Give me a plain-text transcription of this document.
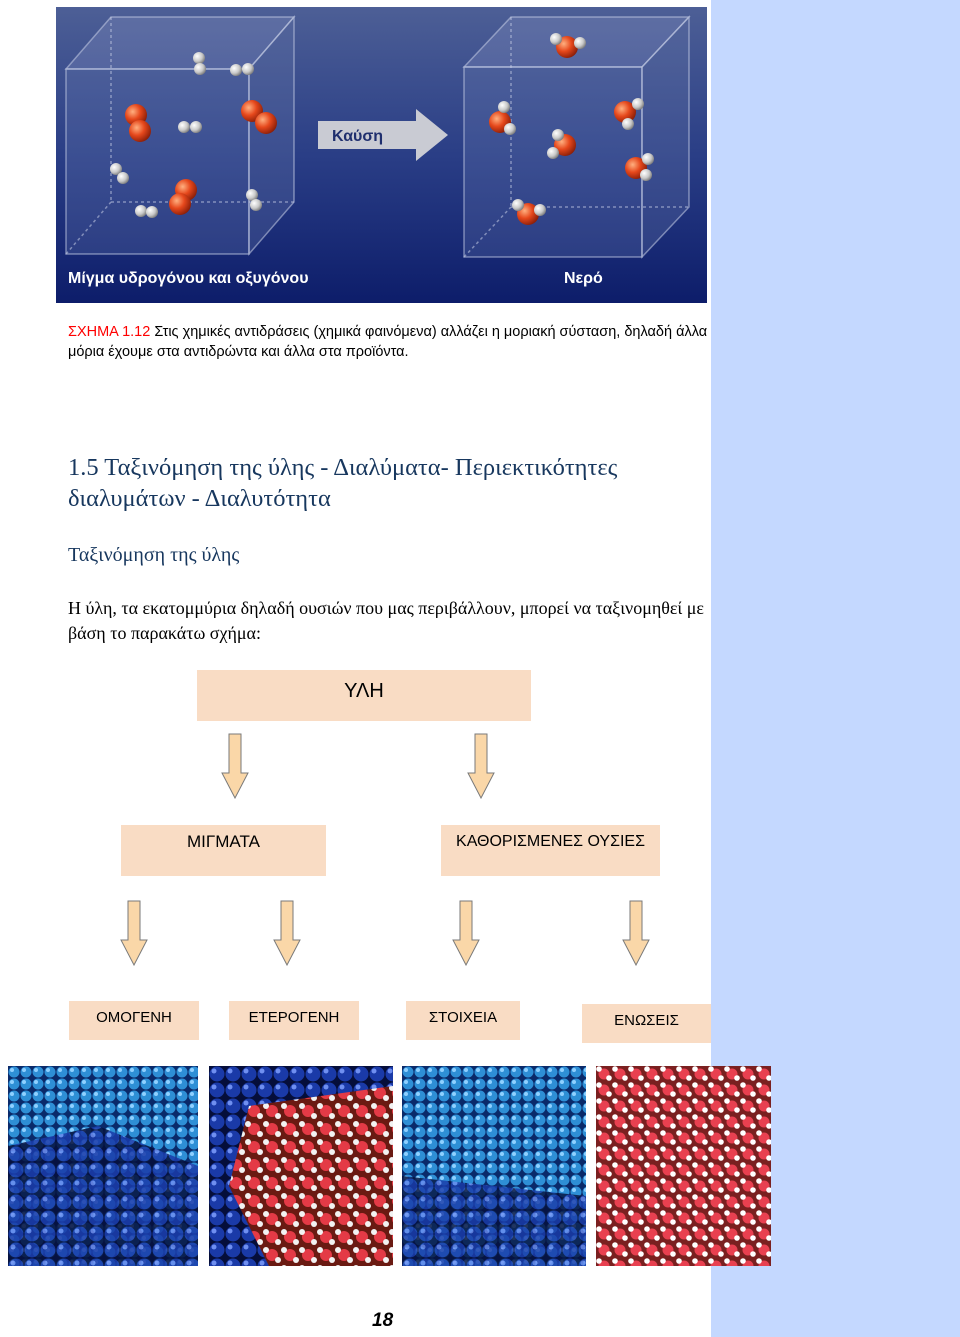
Καύση
Μίγμα υδρογόνου και οξυγόνου	Νερό
ΣΧΗΜΑ 1.12 Στις χημικές αντιδράσεις (χημικά φαινόμενα) αλλάζει η μοριακή σύσταση, δηλαδή άλλα μόρια έχουμε στα αντιδρώντα και άλλα στα προϊόντα.
1.5 Ταξινόμηση της ύλης - Διαλύματα- Περιεκτικότητες διαλυμάτων - Διαλυτότητα
Ταξινόμηση της ύλης
Η ύλη, τα εκατομμύρια δηλαδή ουσιών που μας περιβάλλουν, μπορεί να ταξινομηθεί με βάση το παρακάτω σχήμα:
ΥΛΗ
ΜΙΓΜΑΤΑ	ΚΑΘΟΡΙΣΜΕΝΕΣ ΟΥΣΙΕΣ
ΟΜΟΓΕΝΗ	ΕΤΕΡΟΓΕΝΗ	ΣΤΟΙΧΕΙΑ	ΕΝΩΣΕΙΣ
18
